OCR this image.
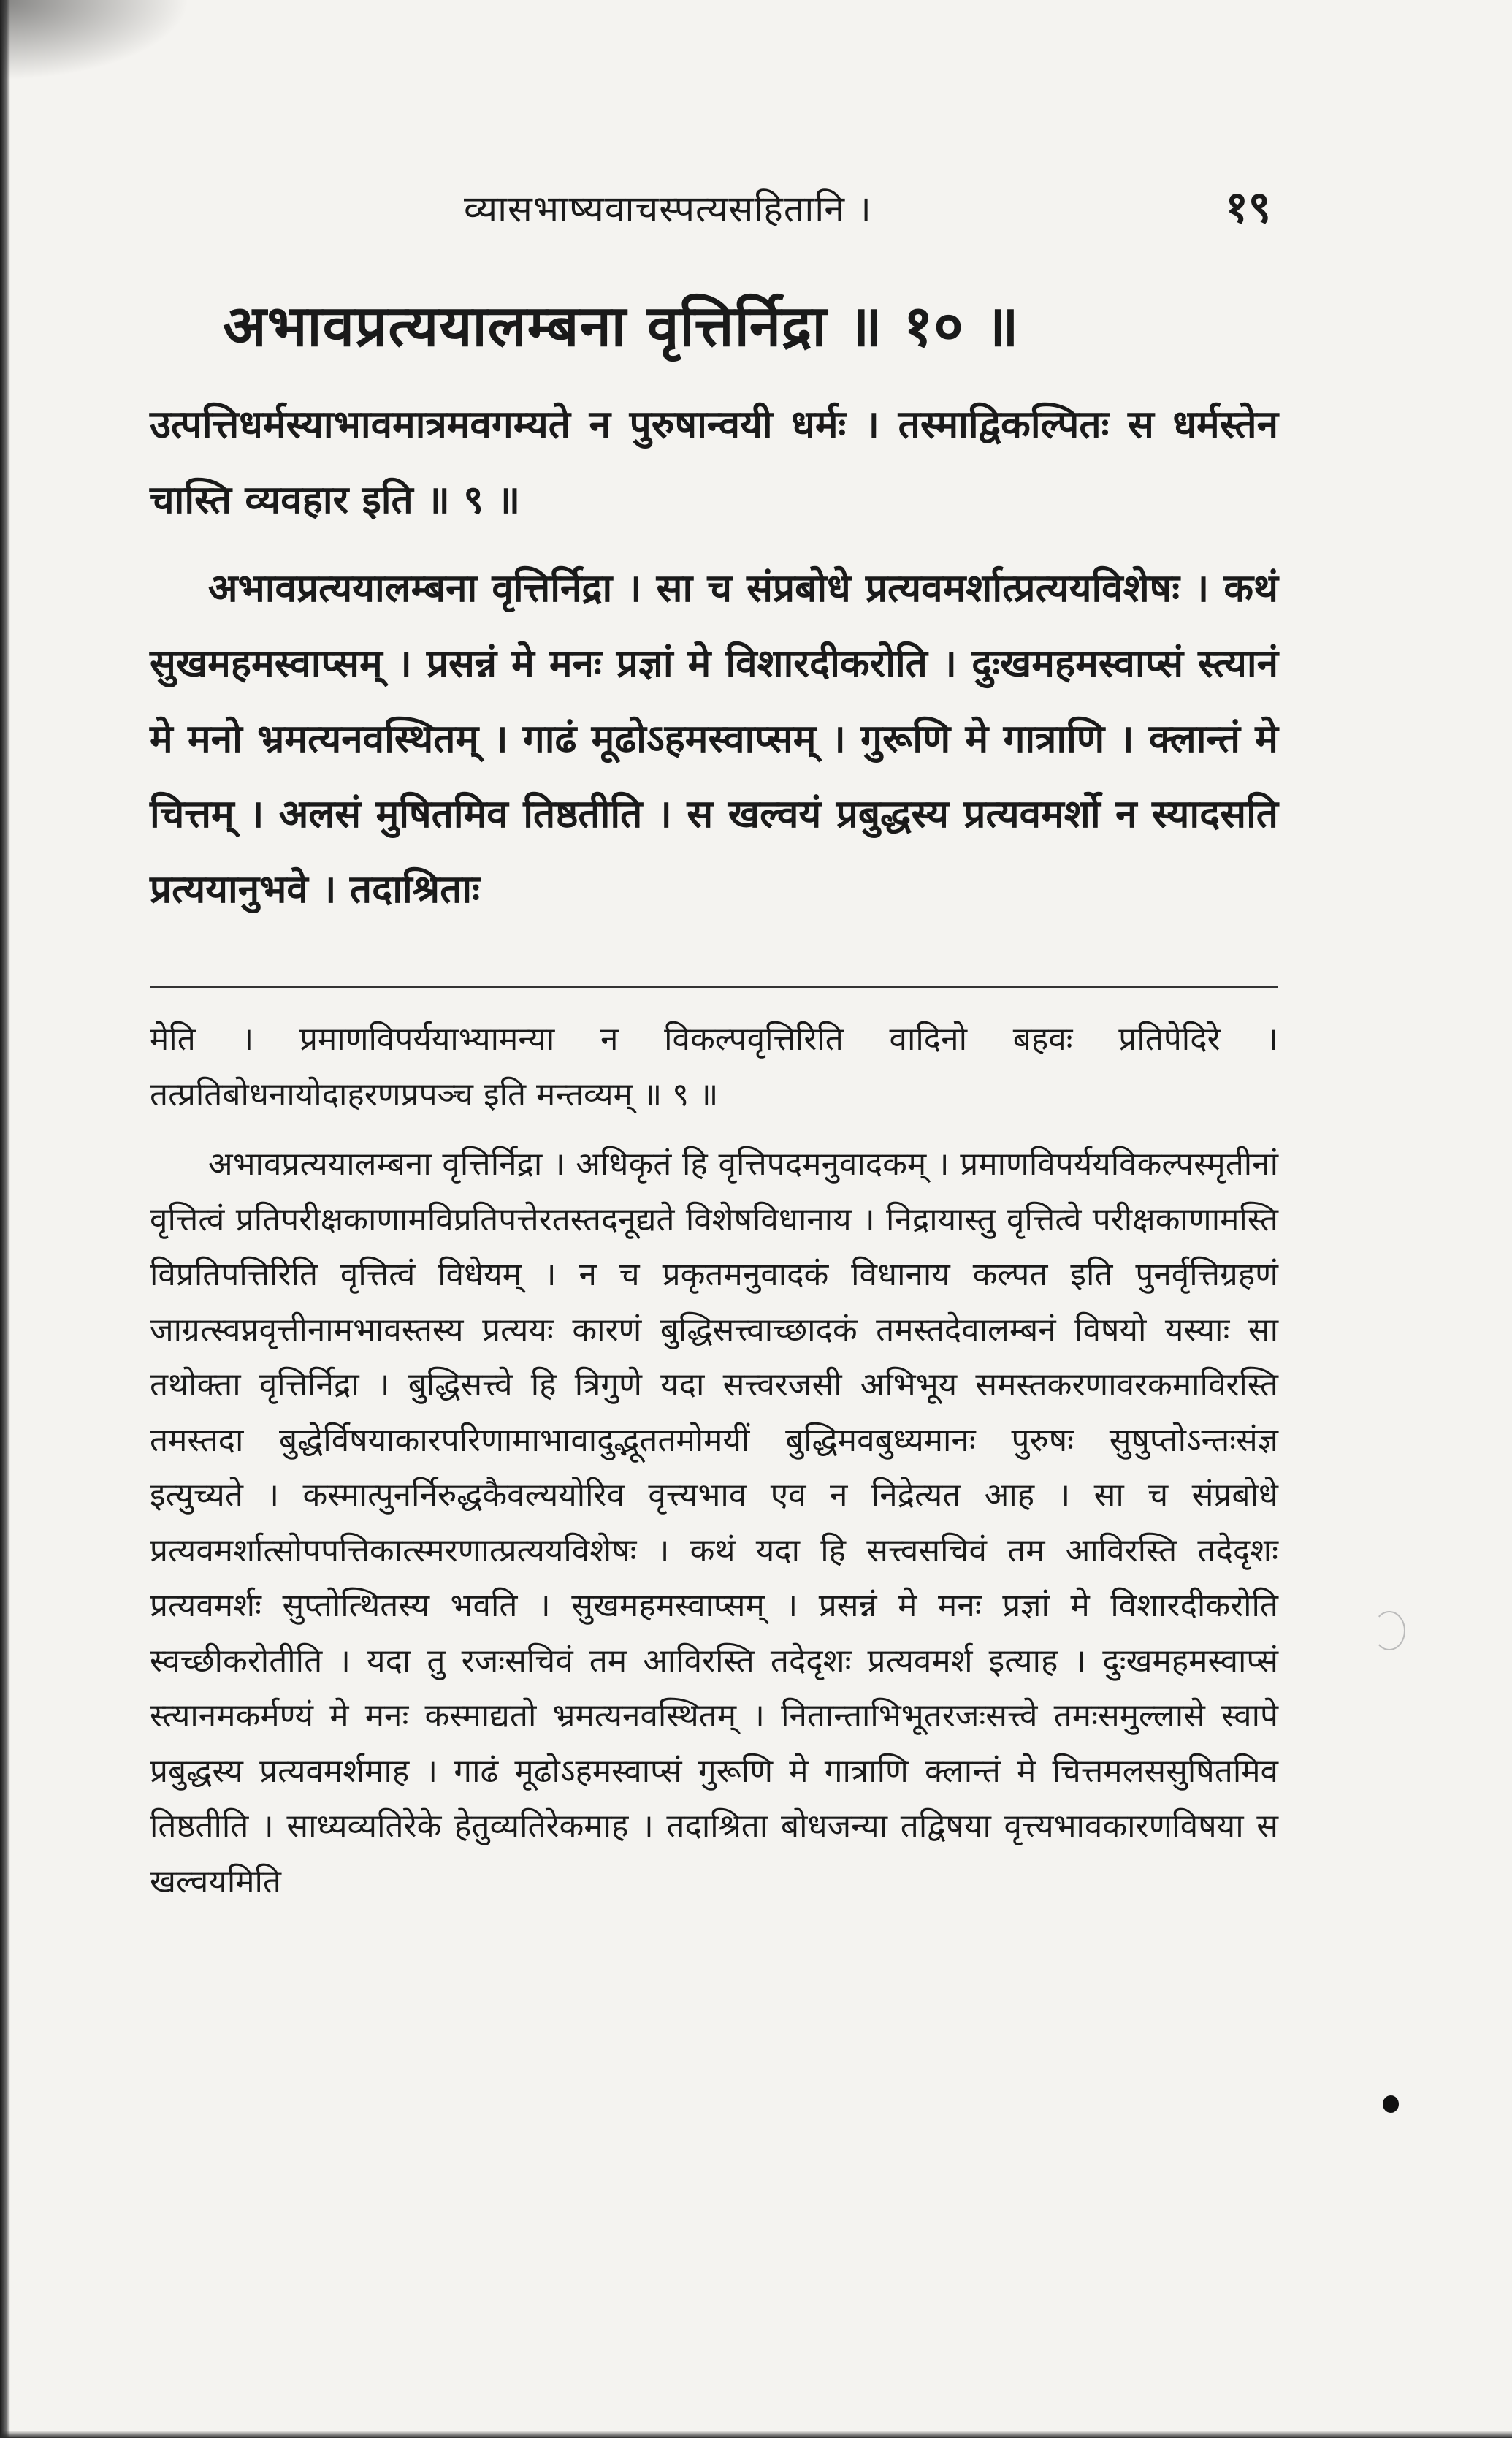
व्यासभाष्यवाचस्पत्यसहितानि ।	१९
अभावप्रत्ययालम्बना वृत्तिर्निद्रा ॥ १० ॥

उत्पत्तिधर्मस्याभावमात्रमवगम्यते न पुरुषान्वयी धर्मः । तस्माद्विकल्पितः स धर्मस्तेन चास्ति व्यवहार इति ॥ ९ ॥

अभावप्रत्ययालम्बना वृत्तिर्निद्रा । सा च संप्रबोधे प्रत्यवमर्शात्प्रत्ययविशेषः । कथं सुखमहमस्वाप्सम् । प्रसन्नं मे मनः प्रज्ञां मे विशारदीकरोति । दुःखमहमस्वाप्सं स्त्यानं मे मनो भ्रमत्यनवस्थितम् । गाढं मूढोऽहमस्वाप्सम् । गुरूणि मे गात्राणि । क्लान्तं मे चित्तम् । अलसं मुषितमिव तिष्ठतीति । स खल्वयं प्रबुद्धस्य प्रत्यवमर्शो न स्यादसति प्रत्ययानुभवे । तदाश्रिताः

मेति । प्रमाणविपर्ययाभ्यामन्या न विकल्पवृत्तिरिति वादिनो बहवः प्रतिपेदिरे । तत्प्रतिबोधनायोदाहरणप्रपञ्च इति मन्तव्यम् ॥ ९ ॥

अभावप्रत्ययालम्बना वृत्तिर्निद्रा । अधिकृतं हि वृत्तिपदमनुवादकम् । प्रमाणविपर्ययविकल्पस्मृतीनां वृत्तित्वं प्रतिपरीक्षकाणामविप्रतिपत्तेरतस्तदनूद्यते विशेषविधानाय । निद्रायास्तु वृत्तित्वे परीक्षकाणामस्ति विप्रतिपत्तिरिति वृत्तित्वं विधेयम् । न च प्रकृतमनुवादकं विधानाय कल्पत इति पुनर्वृत्तिग्रहणं जाग्रत्स्वप्नवृत्तीनामभावस्तस्य प्रत्ययः कारणं बुद्धिसत्त्वाच्छादकं तमस्तदेवालम्बनं विषयो यस्याः सा तथोक्ता वृत्तिर्निद्रा । बुद्धिसत्त्वे हि त्रिगुणे यदा सत्त्वरजसी अभिभूय समस्तकरणावरकमाविरस्ति तमस्तदा बुद्धेर्विषयाकारपरिणामाभावादुद्भूततमोमयीं बुद्धिमवबुध्यमानः पुरुषः सुषुप्तोऽन्तःसंज्ञ इत्युच्यते । कस्मात्पुनर्निरुद्धकैवल्ययोरिव वृत्त्यभाव एव न निद्रेत्यत आह । सा च संप्रबोधे प्रत्यवमर्शात्सोपपत्तिकात्स्मरणात्प्रत्ययविशेषः । कथं यदा हि सत्त्वसचिवं तम आविरस्ति तदेदृशः प्रत्यवमर्शः सुप्तोत्थितस्य भवति । सुखमहमस्वाप्सम् । प्रसन्नं मे मनः प्रज्ञां मे विशारदीकरोति स्वच्छीकरोतीति । यदा तु रजःसचिवं तम आविरस्ति तदेदृशः प्रत्यवमर्श इत्याह । दुःखमहमस्वाप्सं स्त्यानमकर्मण्यं मे मनः कस्माद्यतो भ्रमत्यनवस्थितम् । नितान्ताभिभूतरजःसत्त्वे तमःसमुल्लासे स्वापे प्रबुद्धस्य प्रत्यवमर्शमाह । गाढं मूढोऽहमस्वाप्सं गुरूणि मे गात्राणि क्लान्तं मे चित्तमलससुषितमिव तिष्ठतीति । साध्यव्यतिरेके हेतुव्यतिरेकमाह । तदाश्रिता बोधजन्या तद्विषया वृत्त्यभावकारणविषया स खल्वयमिति
